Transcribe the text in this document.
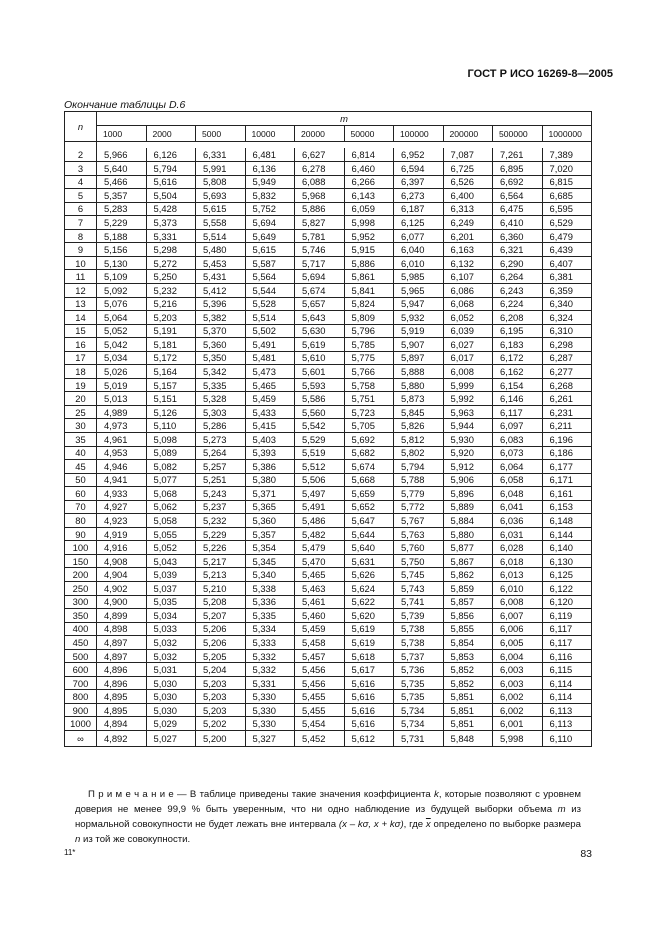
ГОСТ Р ИСО 16269-8—2005
Окончание таблицы D.6
n	m									
	1000	2000	5000	10000	20000	50000	100000	200000	500000	1000000

2	5,966	6,126	6,331	6,481	6,627	6,814	6,952	7,087	7,261	7,389
3	5,640	5,794	5,991	6,136	6,278	6,460	6,594	6,725	6,895	7,020
4	5,466	5,616	5,808	5,949	6,088	6,266	6,397	6,526	6,692	6,815
5	5,357	5,504	5,693	5,832	5,968	6,143	6,273	6,400	6,564	6,685
6	5,283	5,428	5,615	5,752	5,886	6,059	6,187	6,313	6,475	6,595
7	5,229	5,373	5,558	5,694	5,827	5,998	6,125	6,249	6,410	6,529
8	5,188	5,331	5,514	5,649	5,781	5,952	6,077	6,201	6,360	6,479
9	5,156	5,298	5,480	5,615	5,746	5,915	6,040	6,163	6,321	6,439
10	5,130	5,272	5,453	5,587	5,717	5,886	6,010	6,132	6,290	6,407
11	5,109	5,250	5,431	5,564	5,694	5,861	5,985	6,107	6,264	6,381
12	5,092	5,232	5,412	5,544	5,674	5,841	5,965	6,086	6,243	6,359
13	5,076	5,216	5,396	5,528	5,657	5,824	5,947	6,068	6,224	6,340
14	5,064	5,203	5,382	5,514	5,643	5,809	5,932	6,052	6,208	6,324
15	5,052	5,191	5,370	5,502	5,630	5,796	5,919	6,039	6,195	6,310
16	5,042	5,181	5,360	5,491	5,619	5,785	5,907	6,027	6,183	6,298
17	5,034	5,172	5,350	5,481	5,610	5,775	5,897	6,017	6,172	6,287
18	5,026	5,164	5,342	5,473	5,601	5,766	5,888	6,008	6,162	6,277
19	5,019	5,157	5,335	5,465	5,593	5,758	5,880	5,999	6,154	6,268
20	5,013	5,151	5,328	5,459	5,586	5,751	5,873	5,992	6,146	6,261
25	4,989	5,126	5,303	5,433	5,560	5,723	5,845	5,963	6,117	6,231
30	4,973	5,110	5,286	5,415	5,542	5,705	5,826	5,944	6,097	6,211
35	4,961	5,098	5,273	5,403	5,529	5,692	5,812	5,930	6,083	6,196
40	4,953	5,089	5,264	5,393	5,519	5,682	5,802	5,920	6,073	6,186
45	4,946	5,082	5,257	5,386	5,512	5,674	5,794	5,912	6,064	6,177
50	4,941	5,077	5,251	5,380	5,506	5,668	5,788	5,906	6,058	6,171
60	4,933	5,068	5,243	5,371	5,497	5,659	5,779	5,896	6,048	6,161
70	4,927	5,062	5,237	5,365	5,491	5,652	5,772	5,889	6,041	6,153
80	4,923	5,058	5,232	5,360	5,486	5,647	5,767	5,884	6,036	6,148
90	4,919	5,055	5,229	5,357	5,482	5,644	5,763	5,880	6,031	6,144
100	4,916	5,052	5,226	5,354	5,479	5,640	5,760	5,877	6,028	6,140
150	4,908	5,043	5,217	5,345	5,470	5,631	5,750	5,867	6,018	6,130
200	4,904	5,039	5,213	5,340	5,465	5,626	5,745	5,862	6,013	6,125
250	4,902	5,037	5,210	5,338	5,463	5,624	5,743	5,859	6,010	6,122
300	4,900	5,035	5,208	5,336	5,461	5,622	5,741	5,857	6,008	6,120
350	4,899	5,034	5,207	5,335	5,460	5,620	5,739	5,856	6,007	6,119
400	4,898	5,033	5,206	5,334	5,459	5,619	5,738	5,855	6,006	6,117
450	4,897	5,032	5,206	5,333	5,458	5,619	5,738	5,854	6,005	6,117
500	4,897	5,032	5,205	5,332	5,457	5,618	5,737	5,853	6,004	6,116
600	4,896	5,031	5,204	5,332	5,456	5,617	5,736	5,852	6,003	6,115
700	4,896	5,030	5,203	5,331	5,456	5,616	5,735	5,852	6,003	6,114
800	4,895	5,030	5,203	5,330	5,455	5,616	5,735	5,851	6,002	6,114
900	4,895	5,030	5,203	5,330	5,455	5,616	5,734	5,851	6,002	6,113
1000	4,894	5,029	5,202	5,330	5,454	5,616	5,734	5,851	6,001	6,113
∞	4,892	5,027	5,200	5,327	5,452	5,612	5,731	5,848	5,998	6,110
П р и м е ч а н и е — В таблице приведены такие значения коэффициента k, которые позволяют с уровнем доверия не менее 99,9 % быть уверенным, что ни одно наблюдение из будущей выборки объема m из нормальной совокупности не будет лежать вне интервала (x – kσ, x + kσ), где $\overline{x}$ определено по выборке размера n из той же совокупности.
11*	83
